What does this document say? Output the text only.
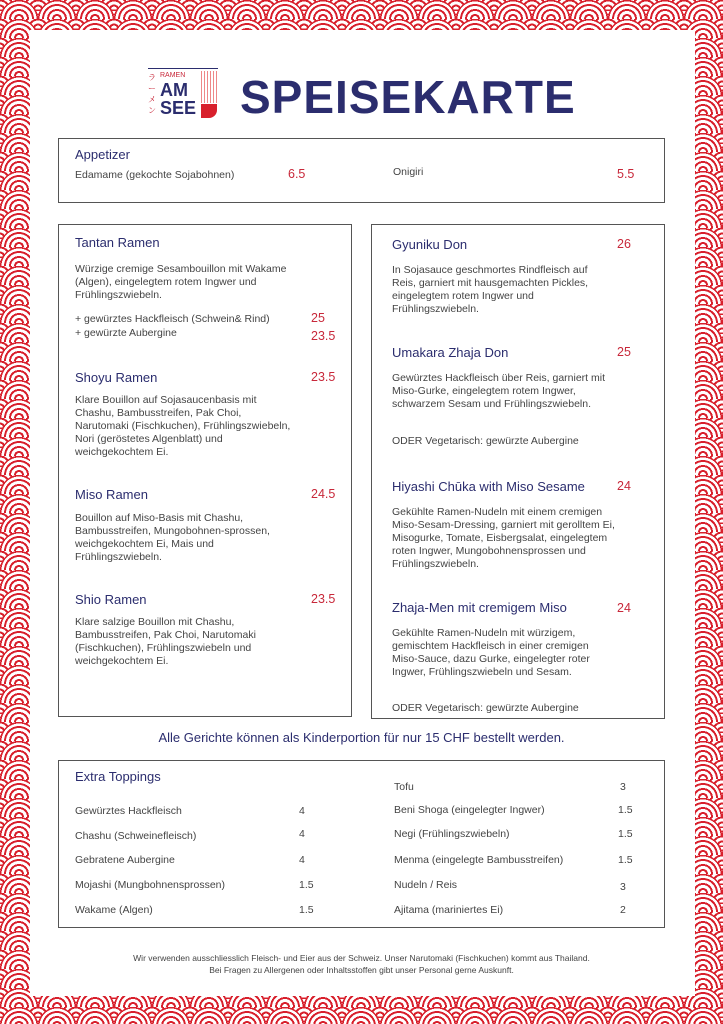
ラーメン
RAMEN
AM
SEE SPEISEKARTE
Appetizer
Edamame (gekochte Sojabohnen)	6.5	Onigiri	5.5
Tantan Ramen
Würzige cremige Sesambouillon mit Wakame (Algen), eingelegtem rotem Ingwer und Frühlingszwiebeln.
+ gewürztes Hackfleisch (Schwein& Rind)	25
+ gewürzte Aubergine	23.5
Shoyu Ramen	23.5
Klare Bouillon auf Sojasaucenbasis mit Chashu, Bambusstreifen, Pak Choi, Narutomaki (Fischkuchen), Frühlingszwiebeln, Nori (geröstetes Algenblatt) und weichgekochtem Ei.
Miso Ramen	24.5
Bouillon auf Miso-Basis mit Chashu, Bambusstreifen, Mungobohnen-sprossen, weichgekochtem Ei, Mais und Frühlingszwiebeln.
Shio Ramen	23.5
Klare salzige Bouillon mit Chashu, Bambusstreifen, Pak Choi, Narutomaki (Fischkuchen), Frühlingszwiebeln und weichgekochtem Ei.
Gyuniku Don	26
In Sojasauce geschmortes Rindfleisch auf Reis, garniert mit hausgemachten Pickles, eingelegtem rotem Ingwer und Frühlingszwiebeln.
Umakara Zhaja Don	25
Gewürztes Hackfleisch über Reis, garniert mit Miso-Gurke, eingelegtem rotem Ingwer, schwarzem Sesam und Frühlingszwiebeln.
ODER Vegetarisch: gewürzte Aubergine
Hiyashi Chūka with Miso Sesame	24
Gekühlte Ramen-Nudeln mit einem cremigen Miso-Sesam-Dressing, garniert mit gerolltem Ei, Misogurke, Tomate, Eisbergsalat, eingelegtem roten Ingwer, Mungobohnensprossen und Frühlingszwiebeln.
Zhaja-Men mit cremigem Miso	24
Gekühlte Ramen-Nudeln mit würzigem, gemischtem Hackfleisch in einer cremigen Miso-Sauce, dazu Gurke, eingelegter roter Ingwer, Frühlingszwiebeln und Sesam.
ODER Vegetarisch: gewürzte Aubergine
Alle Gerichte können als Kinderportion für nur 15 CHF bestellt werden.
Extra Toppings
Gewürztes Hackfleisch	4
Chashu (Schweinefleisch)	4
Gebratene Aubergine	4
Mojashi (Mungbohnensprossen)	1.5
Wakame (Algen)	1.5
Tofu	3
Beni Shoga (eingelegter Ingwer)	1.5
Negi (Frühlingszwiebeln)	1.5
Menma (eingelegte Bambusstreifen)	1.5
Nudeln / Reis	3
Ajitama (mariniertes Ei)	2
Wir verwenden ausschliesslich Fleisch- und Eier aus der Schweiz. Unser Narutomaki (Fischkuchen) kommt aus Thailand.
Bei Fragen zu Allergenen oder Inhaltsstoffen gibt unser Personal gerne Auskunft.
